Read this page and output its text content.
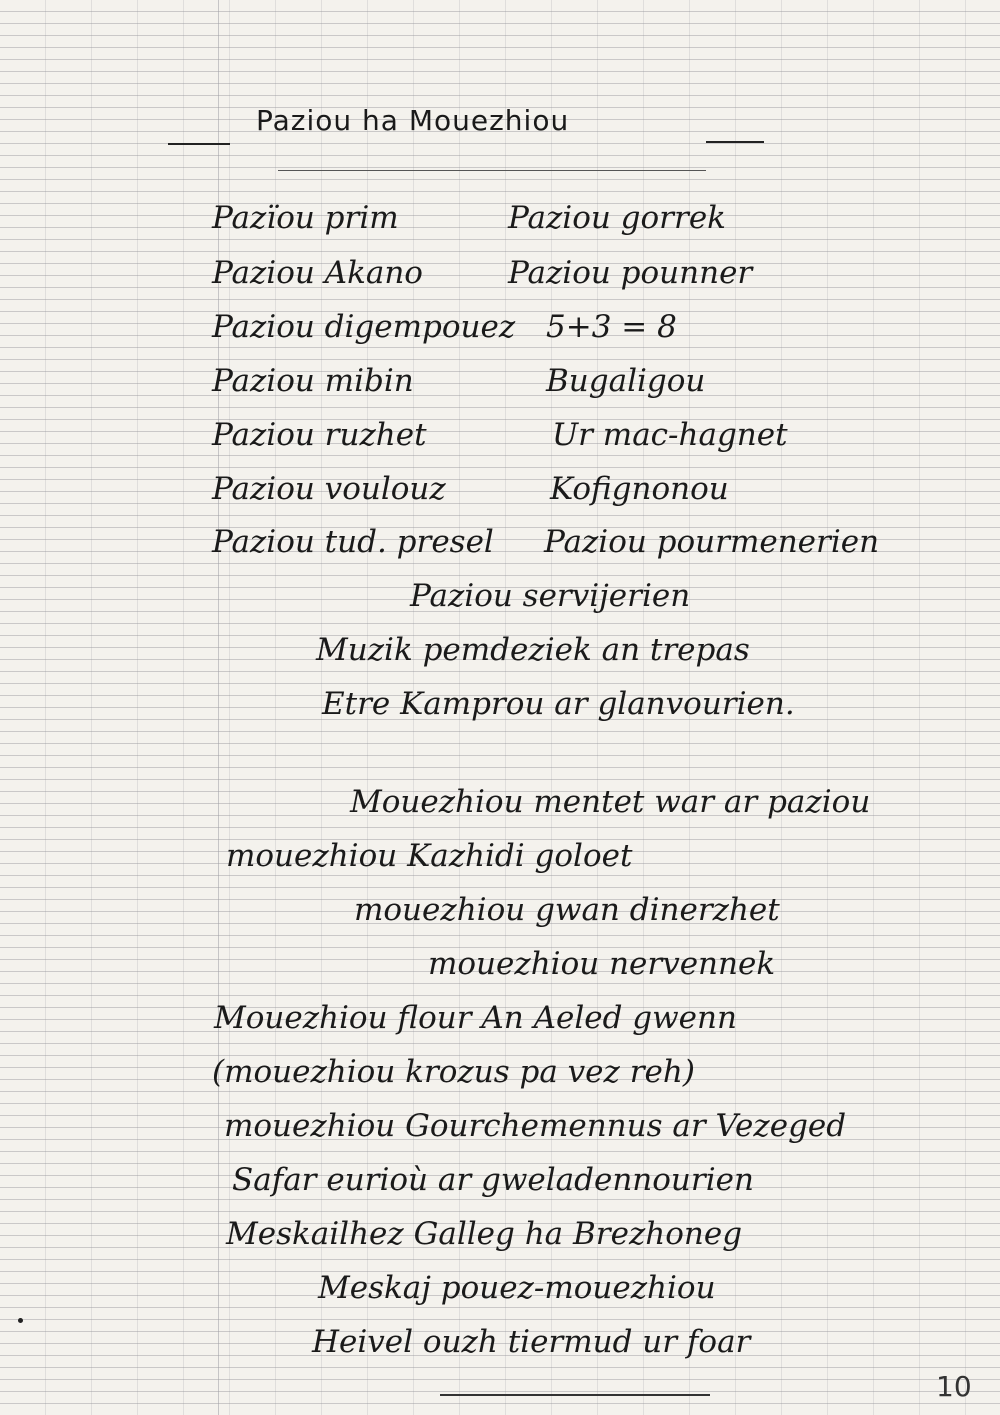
Paziou ha Mouezhiou
Pazïou prim
Paziou Akano
Paziou digempouez
Paziou mibin
Paziou ruzhet
Paziou voulouz
Paziou tud. presel
Paziou gorrek
Paziou pounner
5+3 = 8
Bugaligou
Ur mac-hagnet
Kofignonou
Paziou pourmenerien
Paziou servijerien
Muzik pemdeziek an trepas
Etre Kamprou ar glanvourien.
Mouezhiou mentet war ar paziou
mouezhiou Kazhidi goloet
mouezhiou gwan dinerzhet
mouezhiou nervennek
Mouezhiou flour An Aeled gwenn
(mouezhiou krozus pa vez reh)
mouezhiou Gourchemennus ar Vezeged
Safar eurioù ar gweladennourien
Meskailhez Galleg ha Brezhoneg
Meskaj pouez-mouezhiou
Heivel ouzh tiermud ur foar
10
